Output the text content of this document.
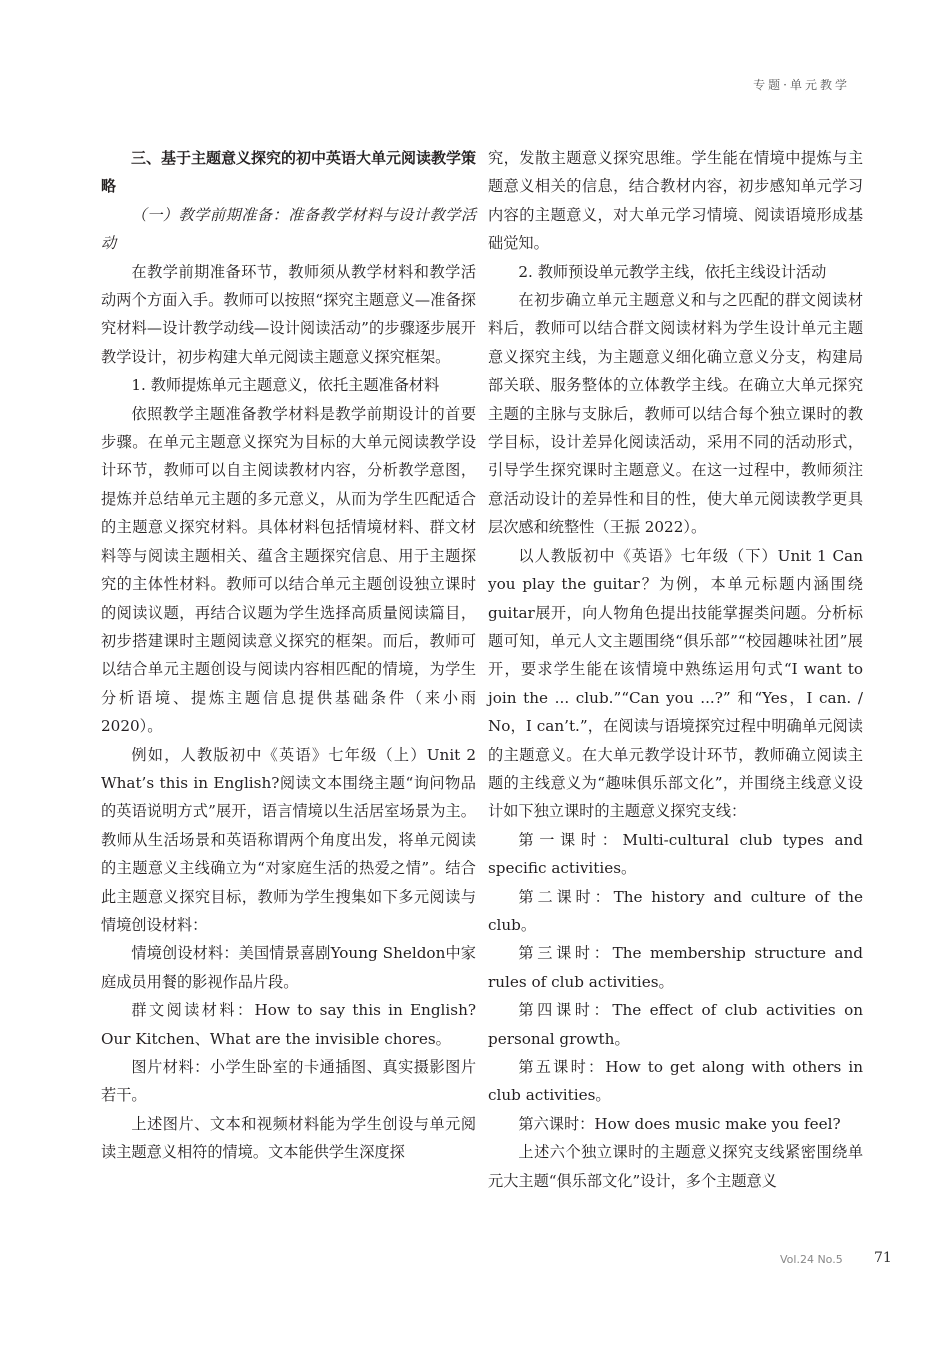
专题·单元教学

三、基于主题意义探究的初中英语大单元阅读教学策略

（一）教学前期准备：准备教学材料与设计教学活动

在教学前期准备环节，教师须从教学材料和教学活动两个方面入手。教师可以按照“探究主题意义—准备探究材料—设计教学动线—设计阅读活动”的步骤逐步展开教学设计，初步构建大单元阅读主题意义探究框架。

1. 教师提炼单元主题意义，依托主题准备材料

依照教学主题准备教学材料是教学前期设计的首要步骤。在单元主题意义探究为目标的大单元阅读教学设计环节，教师可以自主阅读教材内容，分析教学意图，提炼并总结单元主题的多元意义，从而为学生匹配适合的主题意义探究材料。具体材料包括情境材料、群文材料等与阅读主题相关、蕴含主题探究信息、用于主题探究的主体性材料。教师可以结合单元主题创设独立课时的阅读议题，再结合议题为学生选择高质量阅读篇目，初步搭建课时主题阅读意义探究的框架。而后，教师可以结合单元主题创设与阅读内容相匹配的情境，为学生分析语境、提炼主题信息提供基础条件（来小雨 2020）。

例如，人教版初中《英语》七年级（上）Unit 2 What’s this in English?阅读文本围绕主题“询问物品的英语说明方式”展开，语言情境以生活居室场景为主。教师从生活场景和英语称谓两个角度出发，将单元阅读的主题意义主线确立为“对家庭生活的热爱之情”。结合此主题意义探究目标，教师为学生搜集如下多元阅读与情境创设材料：

情境创设材料：美国情景喜剧Young Sheldon中家庭成员用餐的影视作品片段。

群文阅读材料：How to say this in English? Our Kitchen、What are the invisible chores。

图片材料：小学生卧室的卡通插图、真实摄影图片若干。

上述图片、文本和视频材料能为学生创设与单元阅读主题意义相符的情境。文本能供学生深度探

究，发散主题意义探究思维。学生能在情境中提炼与主题意义相关的信息，结合教材内容，初步感知单元学习内容的主题意义，对大单元学习情境、阅读语境形成基础觉知。

2. 教师预设单元教学主线，依托主线设计活动

在初步确立单元主题意义和与之匹配的群文阅读材料后，教师可以结合群文阅读材料为学生设计单元主题意义探究主线，为主题意义细化确立意义分支，构建局部关联、服务整体的立体教学主线。在确立大单元探究主题的主脉与支脉后，教师可以结合每个独立课时的教学目标，设计差异化阅读活动，采用不同的活动形式，引导学生探究课时主题意义。在这一过程中，教师须注意活动设计的差异性和目的性，使大单元阅读教学更具层次感和统整性（王振 2022）。

以人教版初中《英语》七年级（下）Unit 1 Can you play the guitar？为例，本单元标题内涵围绕guitar展开，向人物角色提出技能掌握类问题。分析标题可知，单元人文主题围绕“俱乐部”“校园趣味社团”展开，要求学生能在该情境中熟练运用句式“I want to join the ... club.”“Can you ...?” 和“Yes，I can. / No，I can’t.”，在阅读与语境探究过程中明确单元阅读的主题意义。在大单元教学设计环节，教师确立阅读主题的主线意义为“趣味俱乐部文化”，并围绕主线意义设计如下独立课时的主题意义探究支线：

第一课时：Multi-cultural club types and specific activities。

第二课时：The history and culture of the club。

第三课时：The membership structure and rules of club activities。

第四课时：The effect of club activities on personal growth。

第五课时：How to get along with others in club activities。

第六课时：How does music make you feel?

上述六个独立课时的主题意义探究支线紧密围绕单元大主题“俱乐部文化”设计，多个主题意义

Vol.24 No.5 71
